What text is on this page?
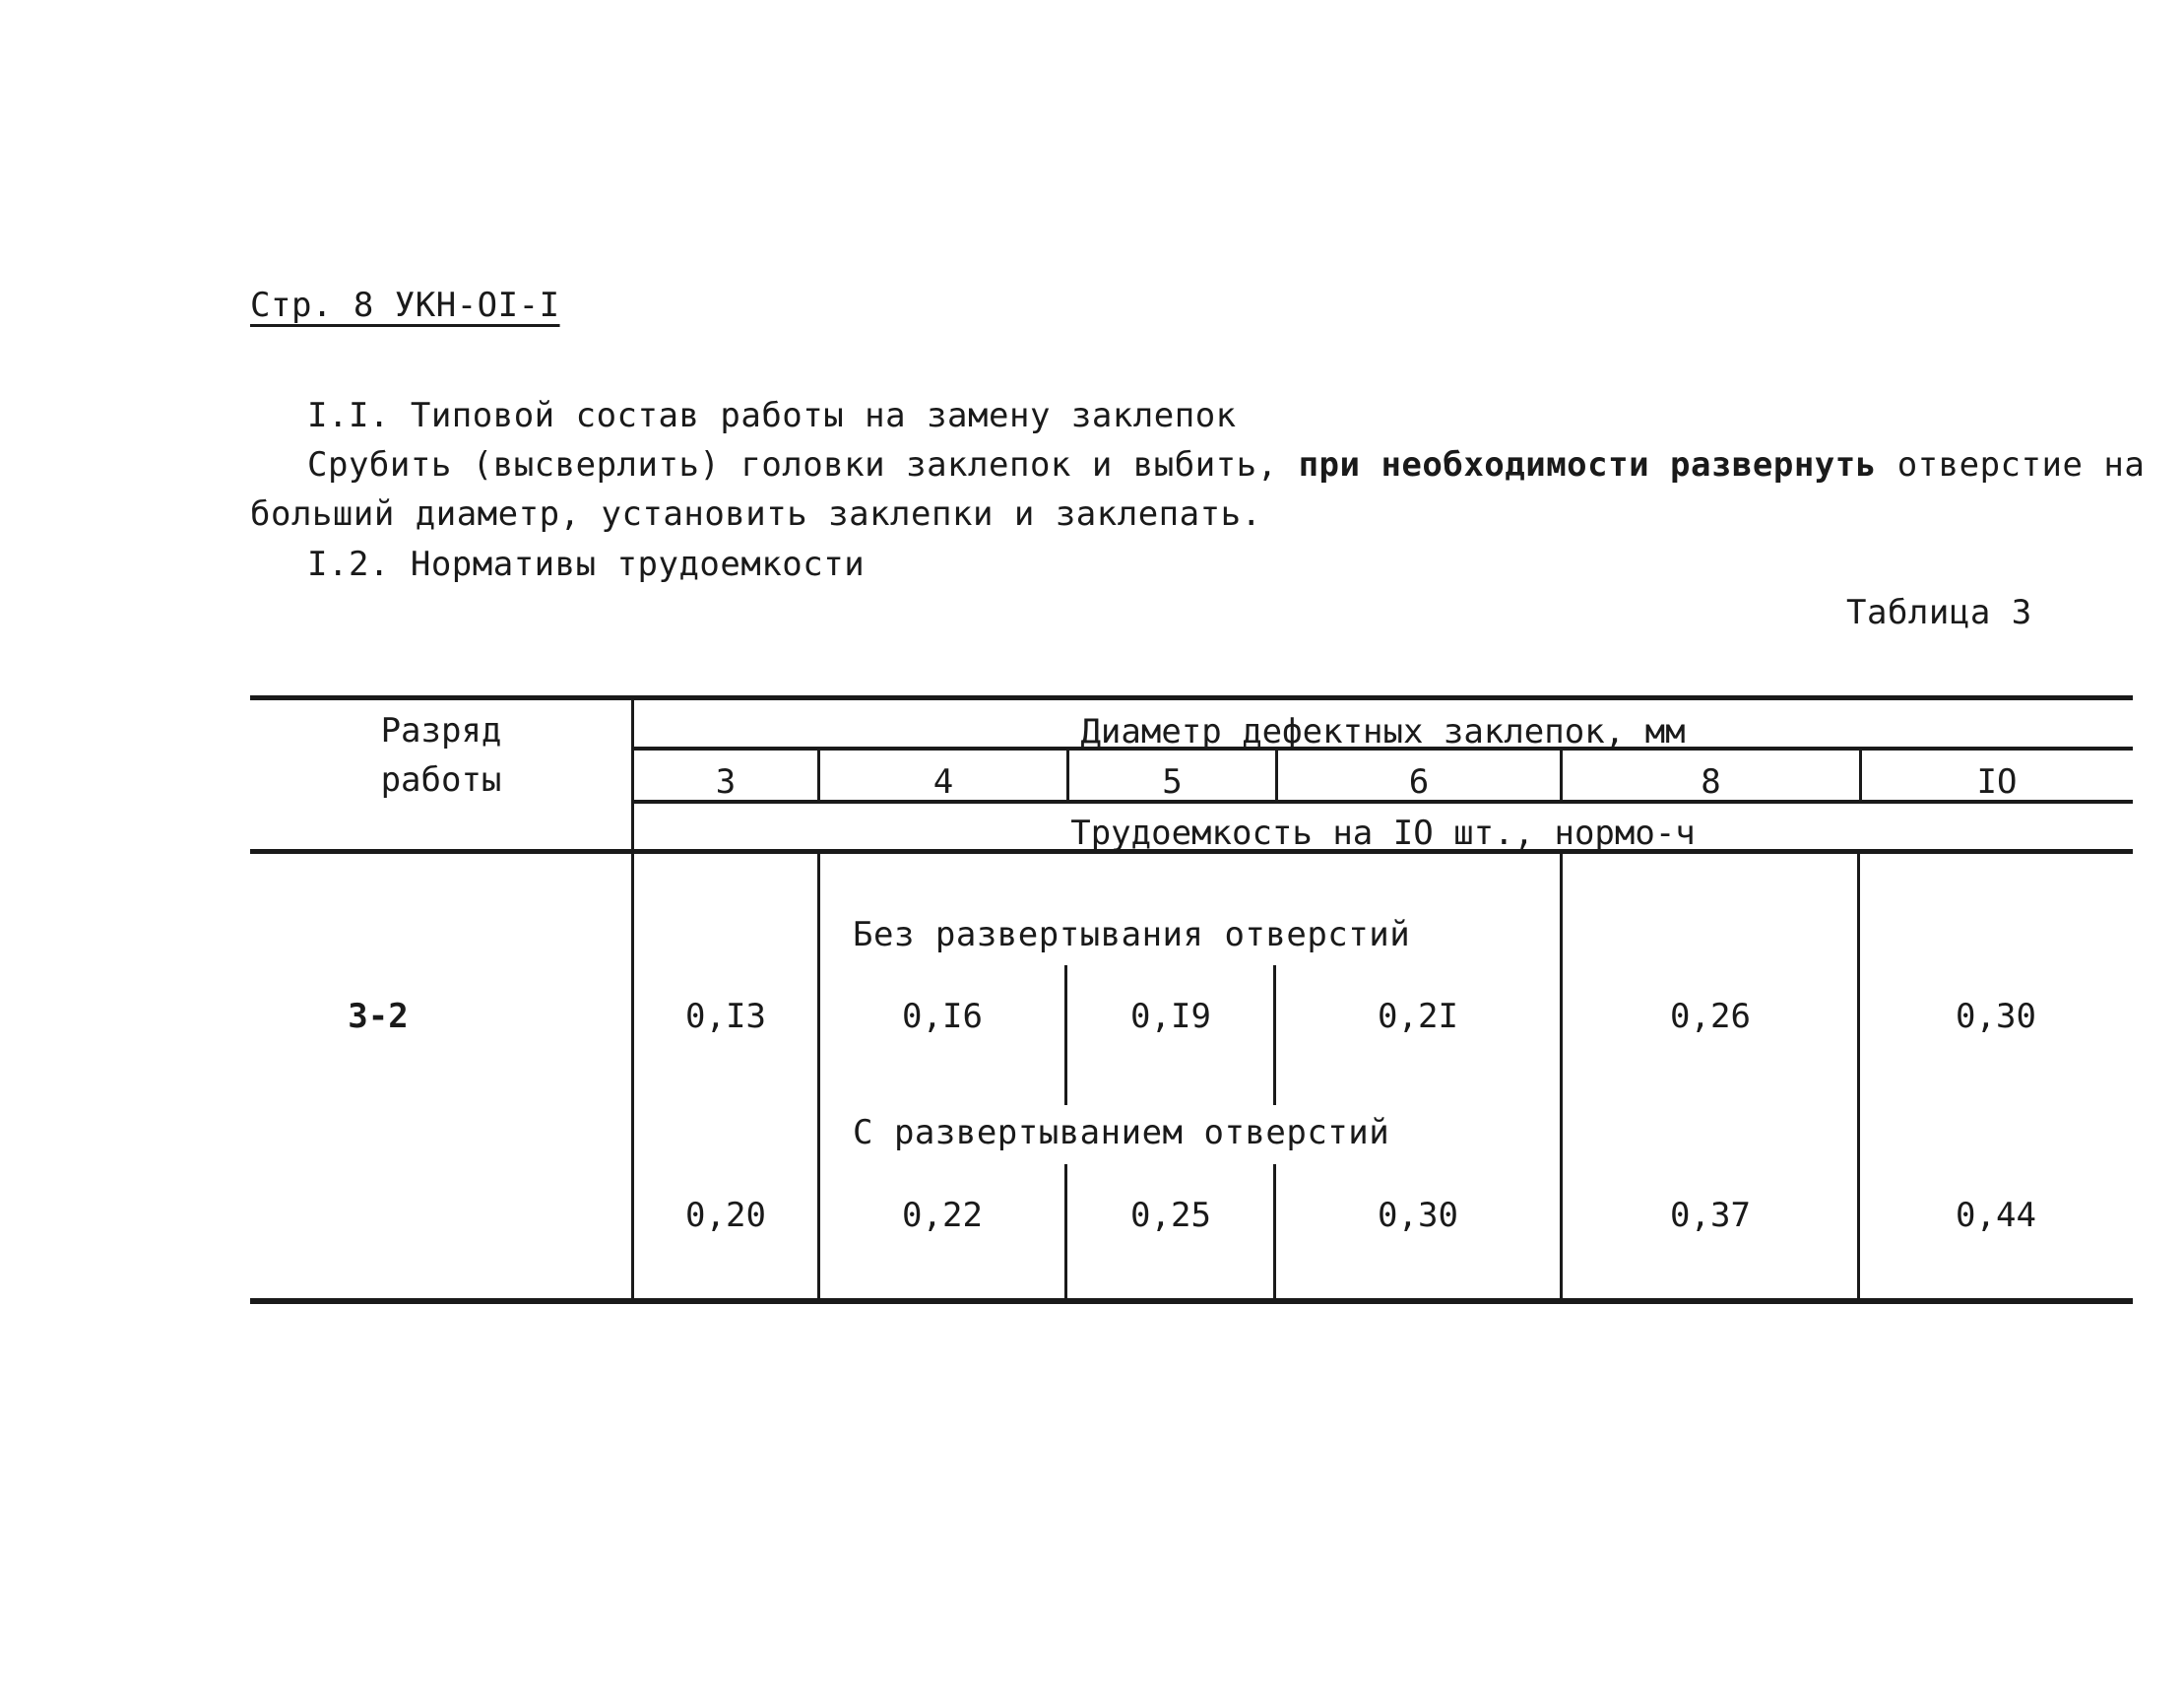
Стр. 8 УКН-ОI-I
I.I. Типовой состав работы на замену заклепок
Срубить (высверлить) головки заклепок и выбить, при необходимости развернуть отверстие на
больший диаметр, установить заклепки и заклепать.
I.2. Нормативы трудоемкости
Таблица 3
Разряд
работы
Диаметр дефектных заклепок, мм
3	4	5	6	8	IO
Трудоемкость на IO шт., нормо-ч
3-2
Без развертывания отверстий
0,I3	0,I6	0,I9	0,2I	0,26	0,30
С развертыванием отверстий
0,20	0,22	0,25	0,30	0,37	0,44
